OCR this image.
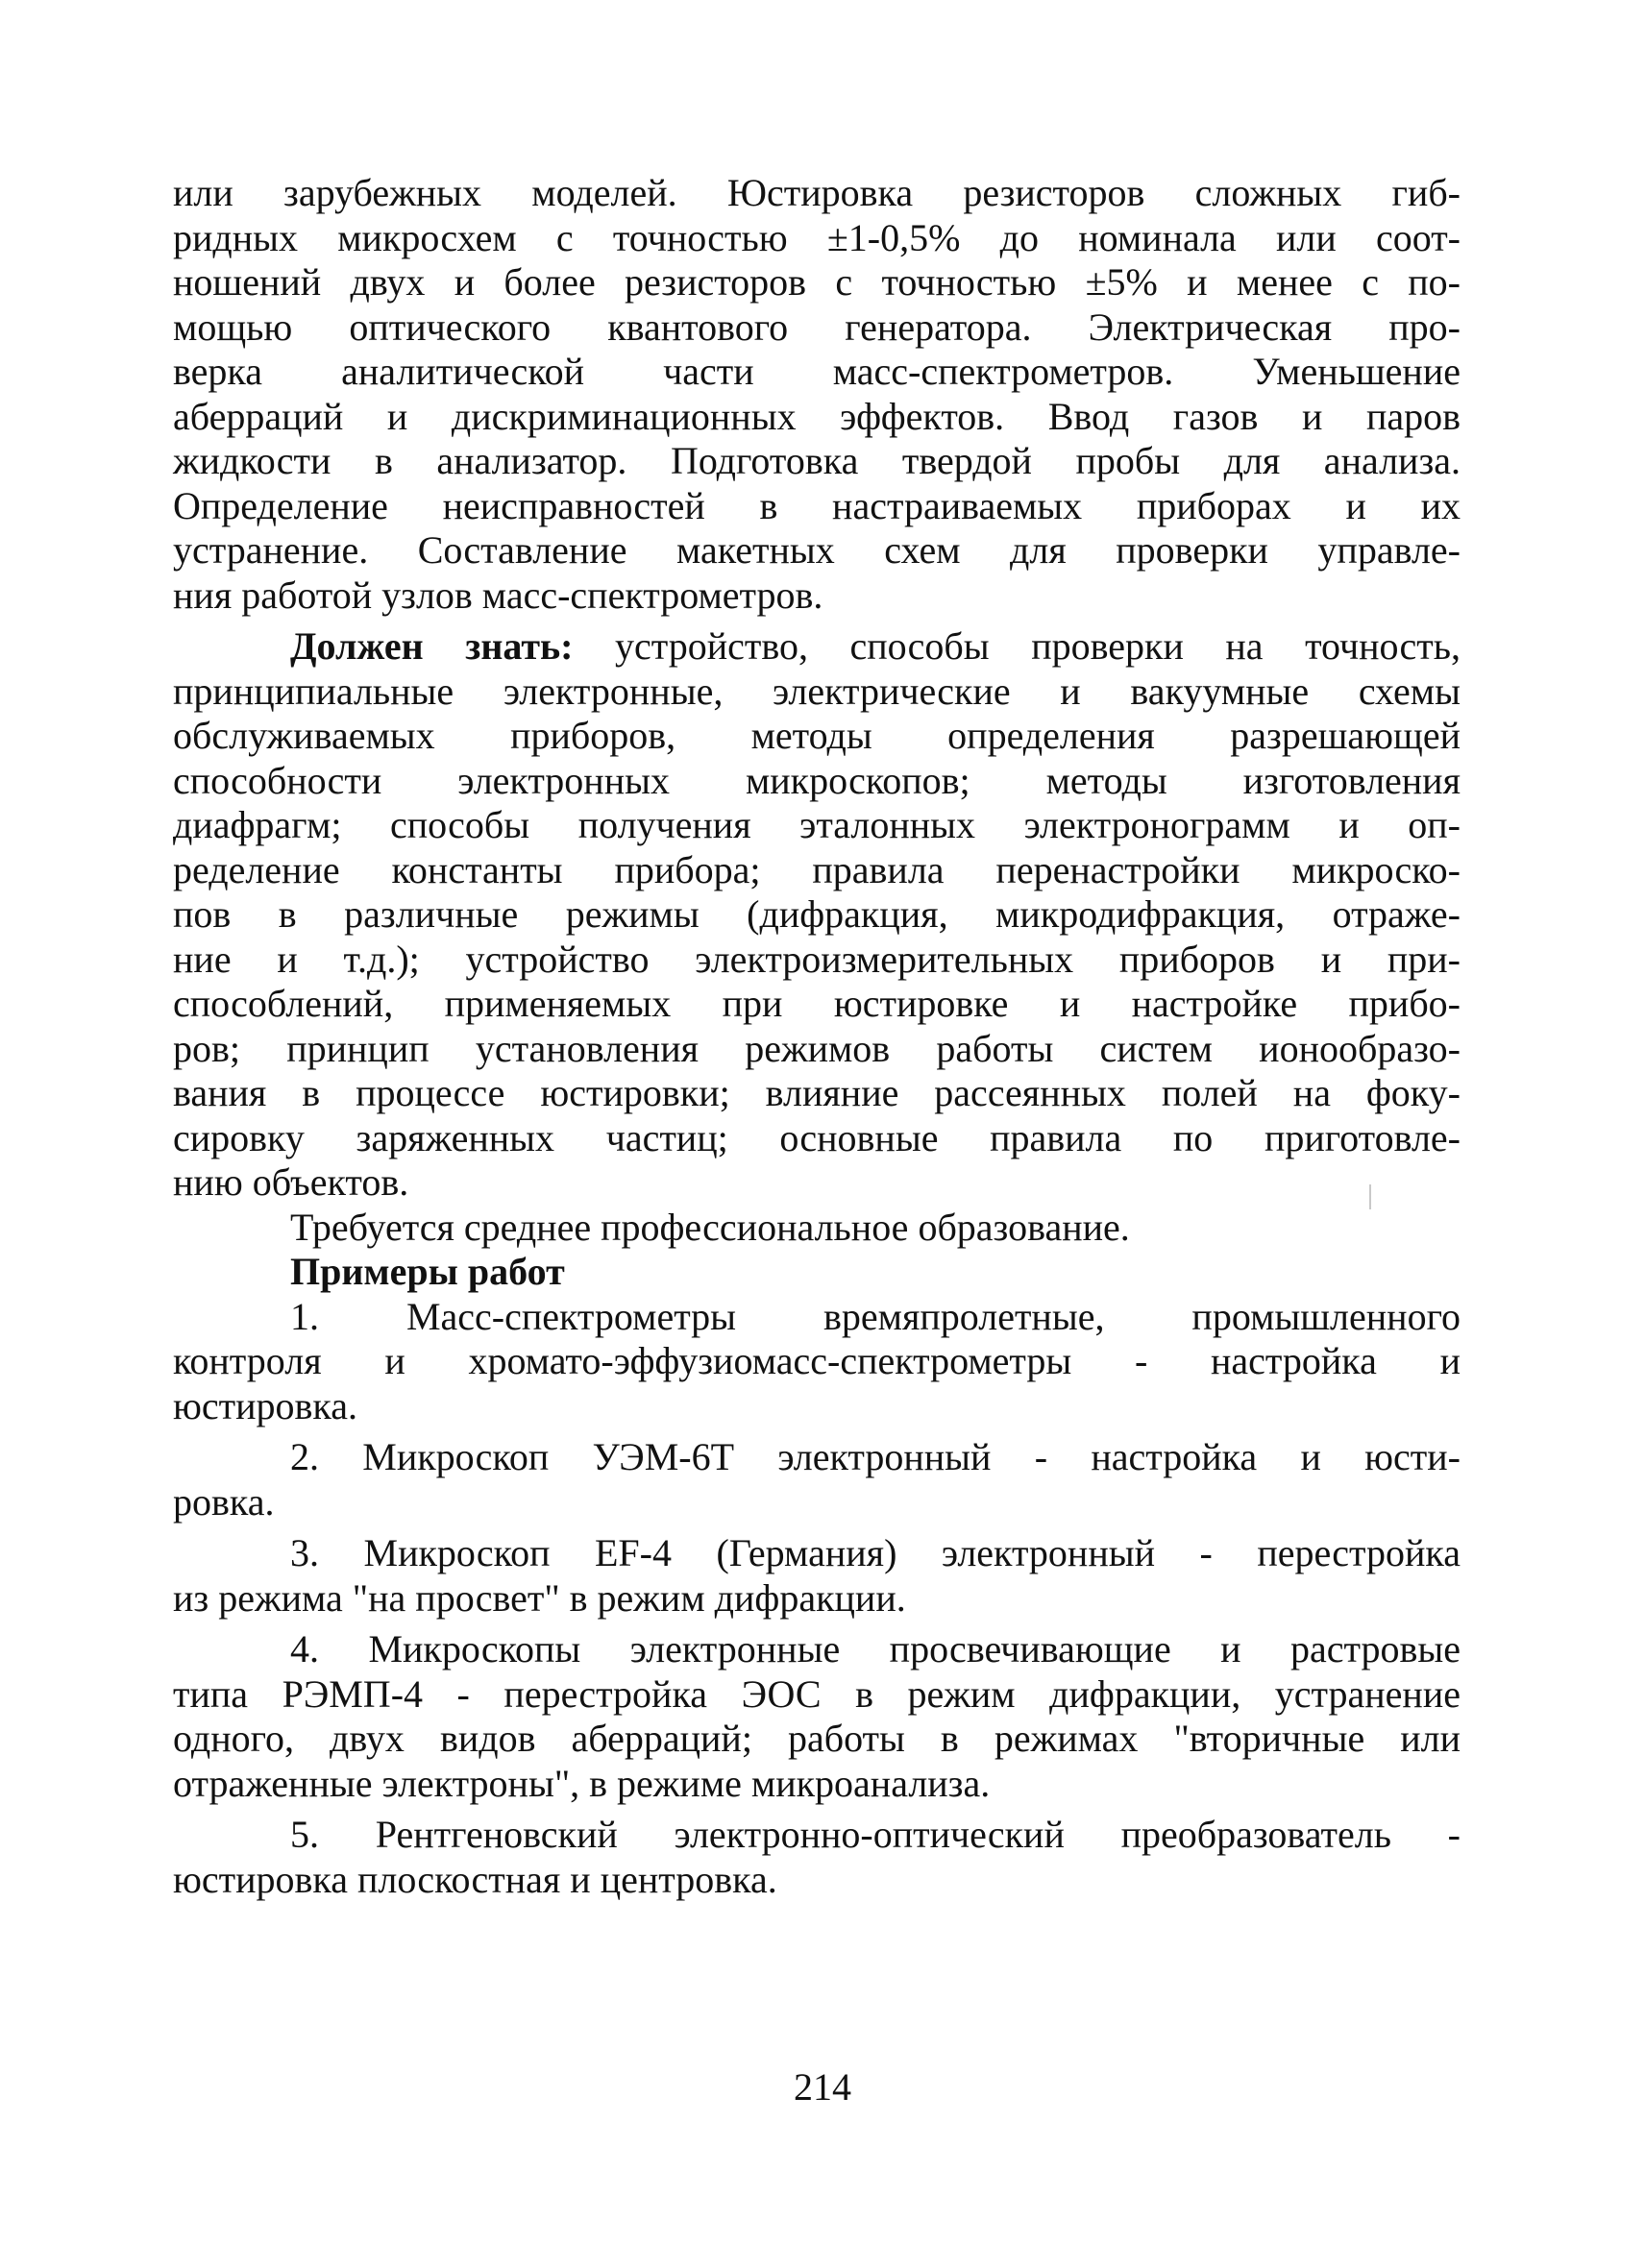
или зарубежных моделей. Юстировка резисторов сложных гиб-
ридных микросхем с точностью ±1-0,5% до номинала или соот-
ношений двух и более резисторов с точностью ±5% и менее с по-
мощью оптического квантового генератора. Электрическая про-
верка аналитической части масс-спектрометров. Уменьшение
аберраций и дискриминационных эффектов. Ввод газов и паров
жидкости в анализатор. Подготовка твердой пробы для анализа.
Определение неисправностей в настраиваемых приборах и их
устранение. Составление макетных схем для проверки управле-
ния работой узлов масс-спектрометров.
Должен знать: устройство, способы проверки на точность,
принципиальные электронные, электрические и вакуумные схемы
обслуживаемых приборов, методы определения разрешающей
способности электронных микроскопов; методы изготовления
диафрагм; способы получения эталонных электронограмм и оп-
ределение константы прибора; правила перенастройки микроско-
пов в различные режимы (дифракция, микродифракция, отраже-
ние и т.д.); устройство электроизмерительных приборов и при-
способлений, применяемых при юстировке и настройке прибо-
ров; принцип установления режимов работы систем ионообразо-
вания в процессе юстировки; влияние рассеянных полей на фоку-
сировку заряженных частиц; основные правила по приготовле-
нию объектов.
Требуется среднее профессиональное образование.
Примеры работ
1. Масс-спектрометры времяпролетные, промышленного
контроля и хромато-эффузиомасс-спектрометры - настройка и
юстировка.
2. Микроскоп УЭМ-6Т электронный - настройка и юсти-
ровка.
3. Микроскоп EF-4 (Германия) электронный - перестройка
из режима "на просвет" в режим дифракции.
4. Микроскопы электронные просвечивающие и растровые
типа РЭМП-4 - перестройка ЭОС в режим дифракции, устранение
одного, двух видов аберраций; работы в режимах "вторичные или
отраженные электроны", в режиме микроанализа.
5. Рентгеновский электронно-оптический преобразователь -
юстировка плоскостная и центровка.
214
